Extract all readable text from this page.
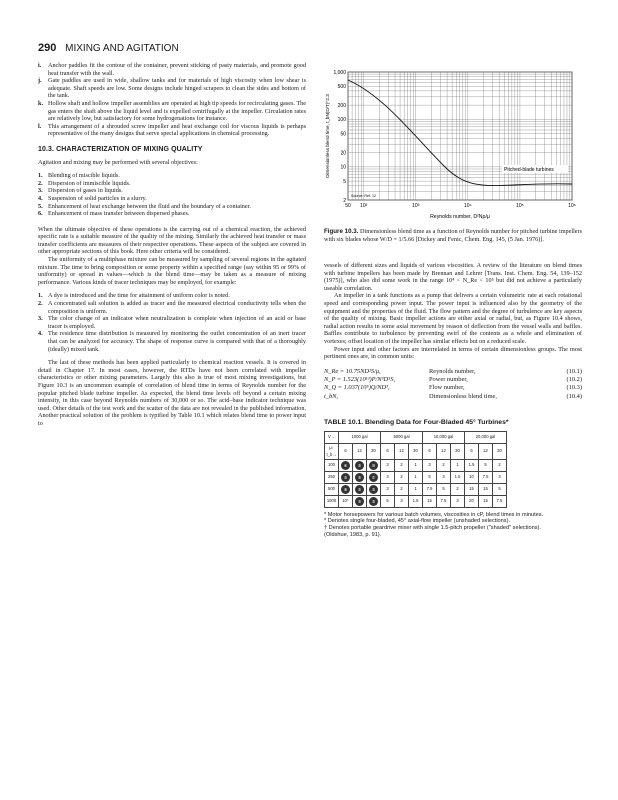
290 MIXING AND AGITATION
i.	Anchor paddles fit the contour of the container, prevent sticking of pasty materials, and promote good heat transfer with the wall.
j.	Gate paddles are used in wide, shallow tanks and for materials of high viscosity when low shear is adequate. Shaft speeds are low. Some designs include hinged scrapers to clean the sides and bottom of the tank.
k. Hollow shaft and hollow impeller assemblies are operated at high tip speeds for recirculating gases. The gas enters the shaft above the liquid level and is expelled centrifugally at the impeller. Circulation rates are relatively low, but satisfactory for some hydrogenations for instance.
l.	This arrangement of a shrouded screw impeller and heat exchange coil for viscous liquids is perhaps representative of the many designs that serve special applications in chemical processing.
10.3. CHARACTERIZATION OF MIXING QUALITY

Agitation and mixing may be performed with several objectives:

1. Blending of miscible liquids.
2. Dispersion of immiscible liquids.
3. Dispersion of gases in liquids.
4. Suspension of solid particles in a slurry.
5. Enhancement of heat exchange between the fluid and the boundary of a container.
6. Enhancement of mass transfer between dispersed phases.

When the ultimate objective of these operations is the carrying out of a chemical reaction, the achieved specific rate is a suitable measure of the quality of the mixing. Similarly the achieved heat transfer or mass transfer coefficients are measures of their respective operations. These aspects of the subject are covered in other appropriate sections of this book. Here other criteria will be considered.

The uniformity of a multiphase mixture can be measured by sampling of several regions in the agitated mixture. The time to bring composition or some property within a specified range (say within 95 or 99% of uniformity) or spread in values—which is the blend time—may be taken as a measure of mixing performance. Various kinds of tracer techniques may be employed, for example:

1. A dye is introduced and the time for attainment of uniform color is noted.
2. A concentrated salt solution is added as tracer and the measured electrical conductivity tells when the composition is uniform.
3. The color change of an indicator when neutralization is complete when injection of an acid or base tracer is employed.
4. The residence time distribution is measured by monitoring the outlet concentration of an inert tracer that can be analyzed for accuracy. The shape of response curve is compared with that of a thoroughly (ideally) mixed tank.

The last of these methods has been applied particularly to chemical reaction vessels. It is covered in detail in Chapter 17. In most cases, however, the RTDs have not been correlated with impeller characteristics or other mixing parameters. Largely this also is true of most mixing investigations, but Figure 10.3 is an uncommon example of correlation of blend time in terms of Reynolds number for the popular pitched blade turbine impeller. As expected, the blend time levels off beyond a certain mixing intensity, in this case beyond Reynolds numbers of 30,000 or so. The acid–base indicator technique was used. Other details of the test work and the scatter of the data are not revealed in the published information. Another practical solution of the problem is typified by Table 10.1 which relates blend time to power input to

1,000
500
200
100
50
20
10
5
2
50 10²	10³	10⁴	10⁵	10⁶
Pitched-blade turbines
Source: Ref. 12
Reynolds number, D²Nρ/μ
Dimensionless blend time, t_bN(D/T)^2.3
Figure 10.3. Dimensionless blend time as a function of Reynolds number for pitched turbine impellers with six blades whose W/D = 1/5.66 [Dickey and Fenic, Chem. Eng. 145, (5 Jan. 1976)].

vessels of different sizes and liquids of various viscosities. A review of the literature on blend times with turbine impellers has been made by Brennan and Lehrer [Trans. Inst. Chem. Eng. 54, 139–152 (1975)], who also did some work in the range 10⁴ < N_Re < 10⁵ but did not achieve a particularly useable correlation.

An impeller in a tank functions as a pump that delivers a certain volumetric rate at each rotational speed and corresponding power input. The power input is influenced also by the geometry of the equipment and the properties of the fluid. The flow pattern and the degree of turbulence are key aspects of the quality of mixing. Basic impeller actions are either axial or radial, but, as Figure 10.4 shows, radial action results in some axial movement by reason of deflection from the vessel walls and baffles. Baffles contribute to turbulence by preventing swirl of the contents as a whole and elimination of vortexes; offset location of the impeller has similar effects but on a reduced scale.

Power input and other factors are interrelated in terms of certain dimensionless groups. The most pertinent ones are, in common units:

N_Re = 10.75ND²S/μ,	Reynolds number,	(10.1)
N_P = 1.523(10¹³)P/N³D⁵S,	Power number,	(10.2)
N_Q = 1.037(10⁵)Q/ND³,	Flow number,	(10.3)
t_bN,	Dimensionless blend time,	(10.4)
TABLE 10.1. Blending Data for Four-Bladed 45° Turbines*
V→	1000 gal			5000 gal			10,000 gal			20,000 gal		
μ↓ t_b→	6	12	30	6	12	30	6	12	30	6	12	30
100	④	⑤	⑩	3	2	1	3	2	1	1.5	5	2
250	⑤	⑤	⑦	3	2	1	5	3	1.5	10	7.5	3
500	⑧	⑤	⑤	3	2	1	7.5	5	2	15	15	5
1000	10*	⑤	⑤	5	3	1.5	15	7.5	3	20	15	7.5
* Motor horsepowers for various batch volumes, viscosities in cP, blend times in minutes.
* Denotes single four-bladed, 45° axial-flow impeller (unshaded selections).
† Denotes portable geardrive mixer with single 1.5-pitch propeller ("shaded" selections).
(Oldshue, 1983, p. 91).
